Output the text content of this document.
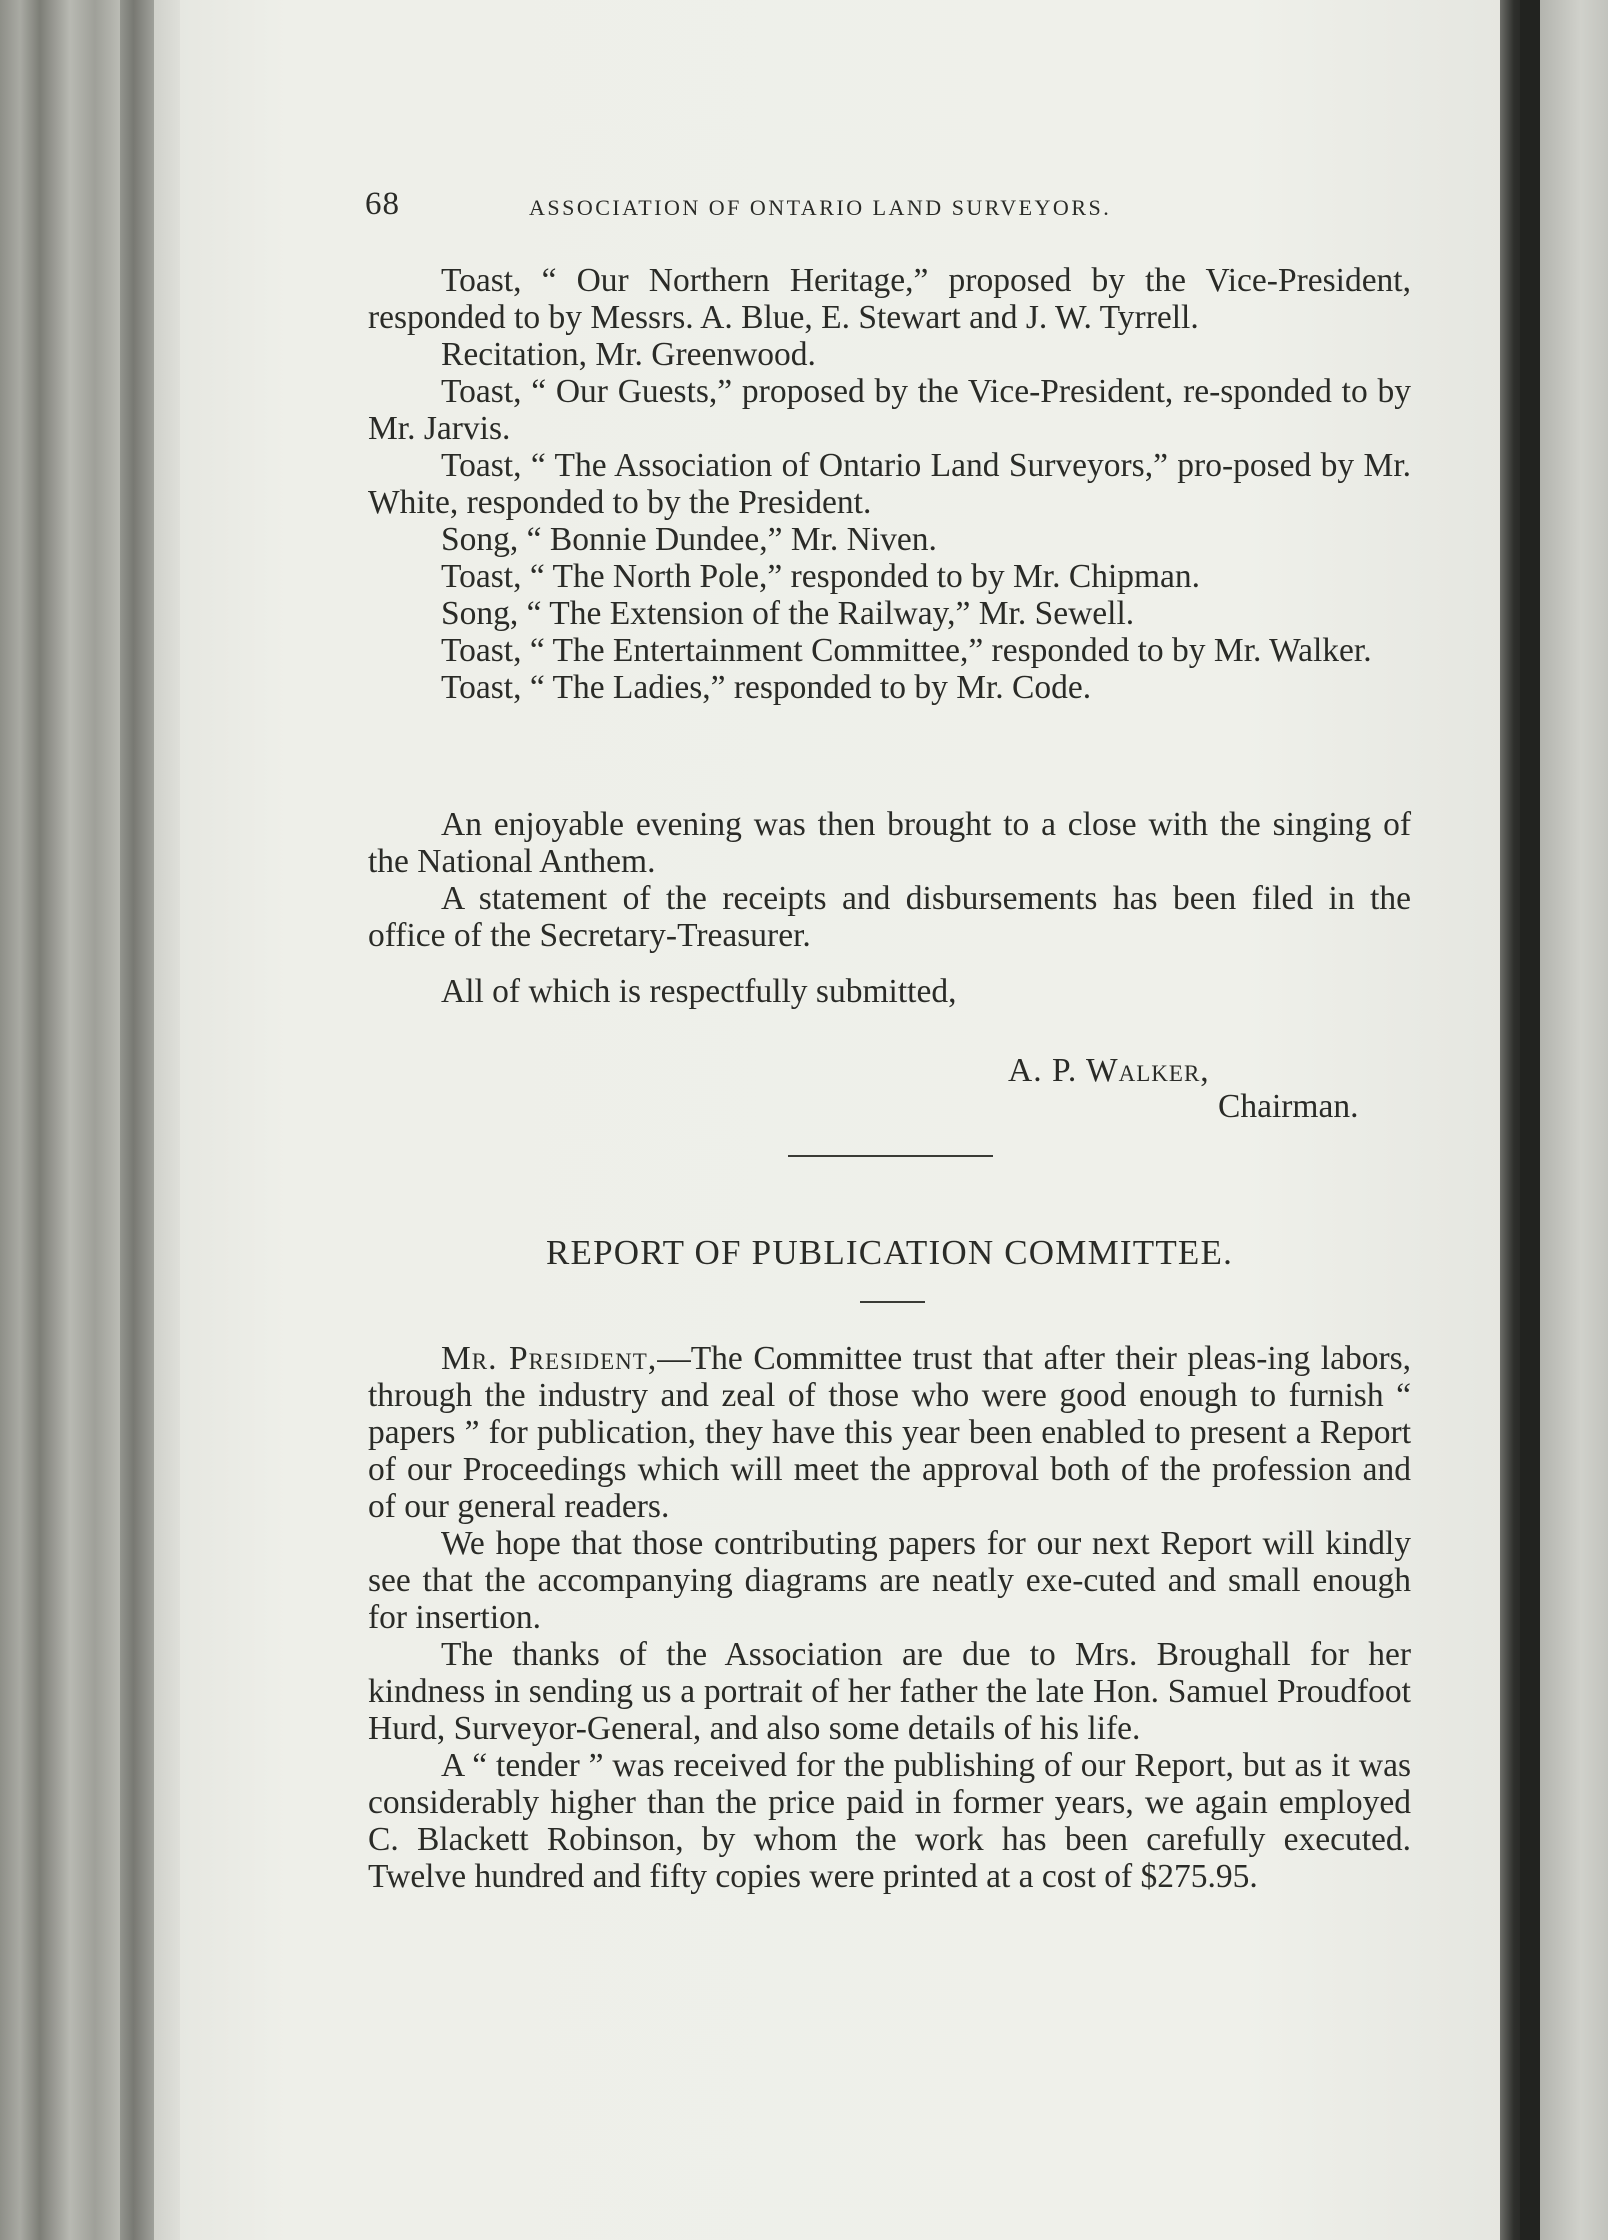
68	ASSOCIATION OF ONTARIO LAND SURVEYORS.

Toast, “ Our Northern Heritage,” proposed by the Vice-President, responded to by Messrs. A. Blue, E. Stewart and J. W. Tyrrell.

Recitation, Mr. Greenwood.

Toast, “ Our Guests,” proposed by the Vice-President, re-sponded to by Mr. Jarvis.

Toast, “ The Association of Ontario Land Surveyors,” pro-posed by Mr. White, responded to by the President.

Song, “ Bonnie Dundee,” Mr. Niven.

Toast, “ The North Pole,” responded to by Mr. Chipman.

Song, “ The Extension of the Railway,” Mr. Sewell.

Toast, “ The Entertainment Committee,” responded to by Mr. Walker.

Toast, “ The Ladies,” responded to by Mr. Code.

An enjoyable evening was then brought to a close with the singing of the National Anthem.

A statement of the receipts and disbursements has been filed in the office of the Secretary-Treasurer.

All of which is respectfully submitted,

A. P. Walker,
Chairman.
REPORT OF PUBLICATION COMMITTEE.

Mr. President,—The Committee trust that after their pleas-ing labors, through the industry and zeal of those who were good enough to furnish “ papers ” for publication, they have this year been enabled to present a Report of our Proceedings which will meet the approval both of the profession and of our general readers.

We hope that those contributing papers for our next Report will kindly see that the accompanying diagrams are neatly exe-cuted and small enough for insertion.

The thanks of the Association are due to Mrs. Broughall for her kindness in sending us a portrait of her father the late Hon. Samuel Proudfoot Hurd, Surveyor-General, and also some details of his life.

A “ tender ” was received for the publishing of our Report, but as it was considerably higher than the price paid in former years, we again employed C. Blackett Robinson, by whom the work has been carefully executed. Twelve hundred and fifty copies were printed at a cost of $275.95.
